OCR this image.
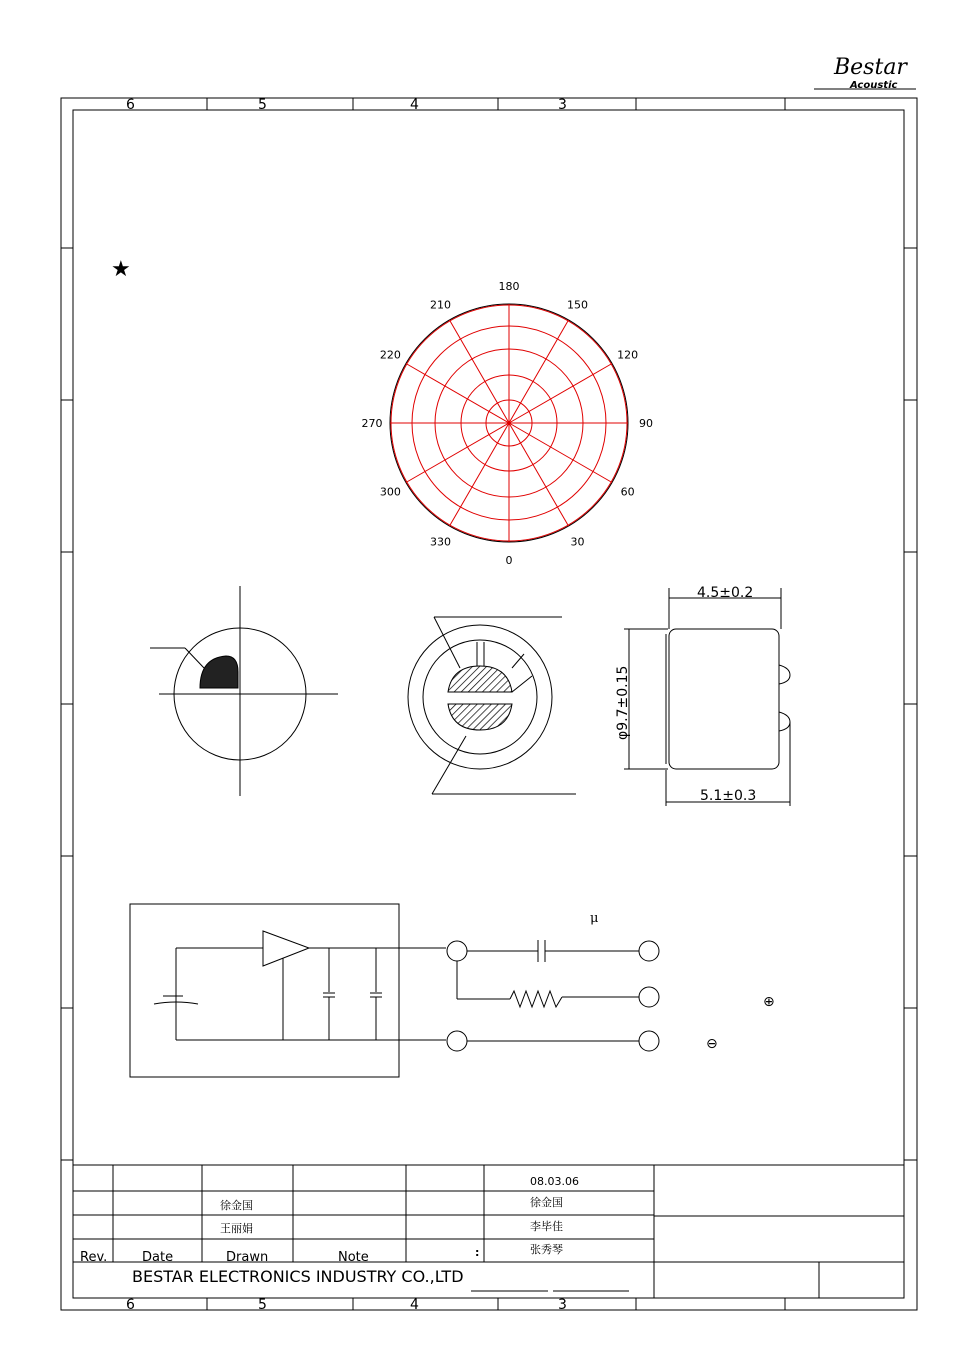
Bestar
Acoustic
6	5	4	3
6	5	4	3
★
180
210
220
270
300
330
0
30
60
90
120
150
4.5±0.2
5.1±0.3
φ9.7±0.15
μ
⊕
⊖
08.03.06
徐金国	徐金国
王丽娟	李毕佳
张秀琴
:
Rev.	Date	Drawn	Note
BESTAR ELECTRONICS INDUSTRY CO.,LTD
